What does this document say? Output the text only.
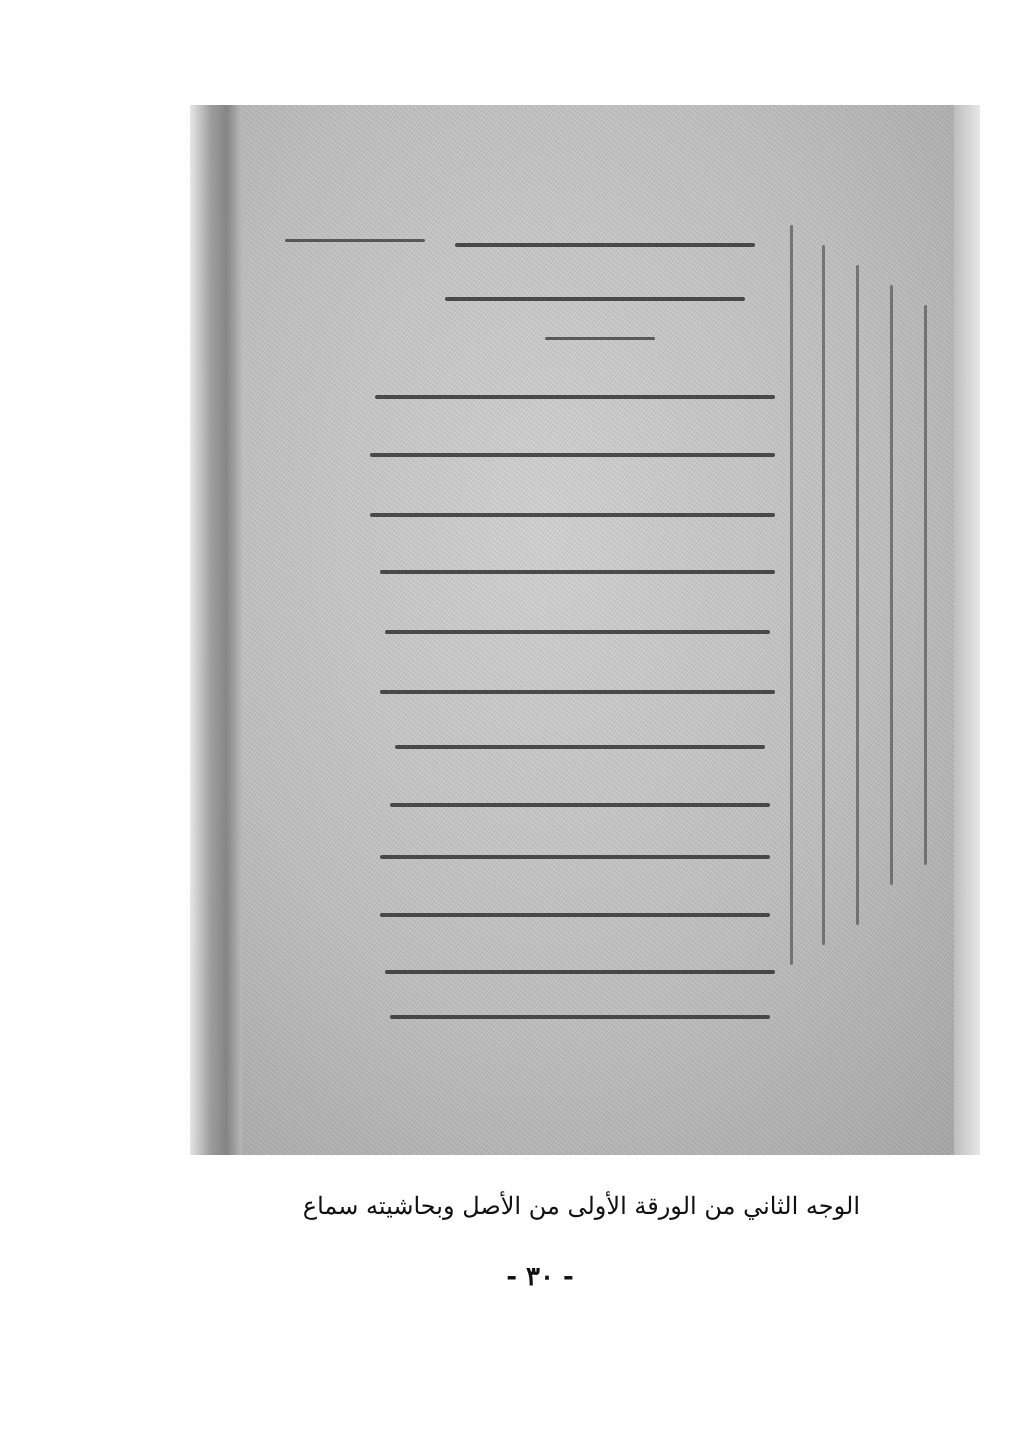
الوجه الثاني من الورقة الأولى من الأصل وبحاشيته سماع
- ٣٠ -
